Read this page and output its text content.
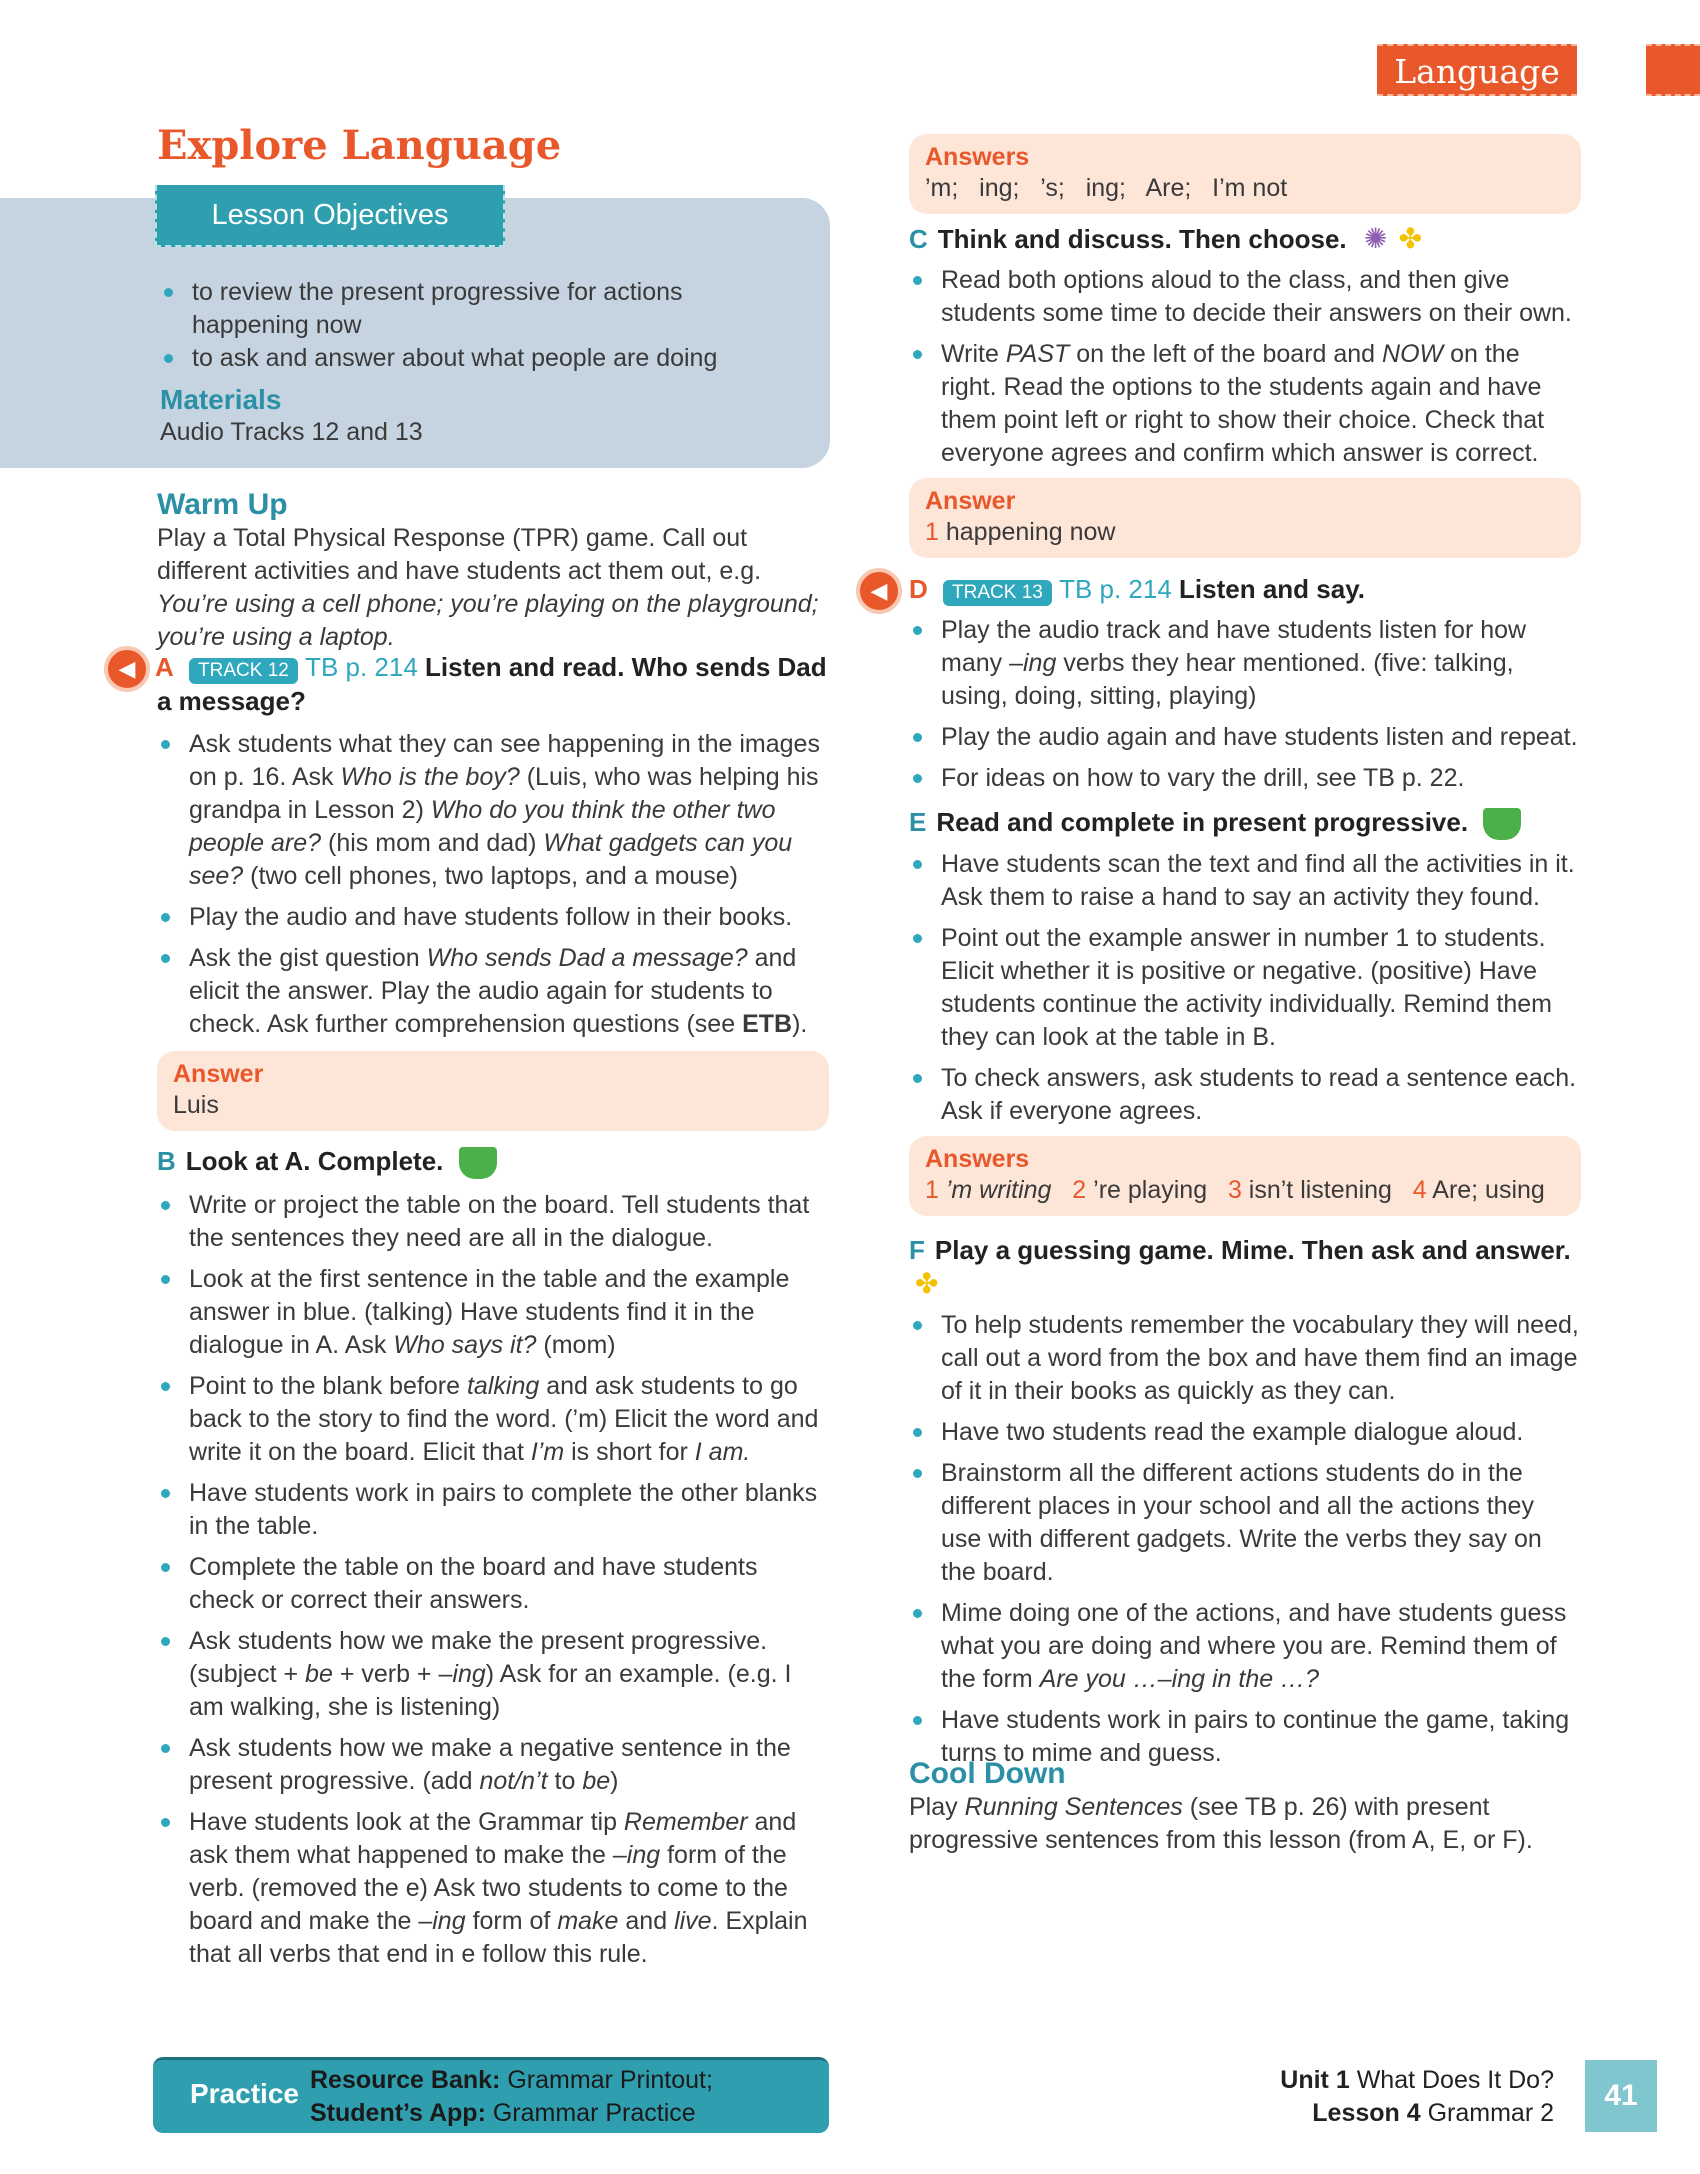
Language
Explore Language
Lesson Objectives
to review the present progressive for actions happening now
to ask and answer about what people are doing
Materials
Audio Tracks 12 and 13
Warm Up
Play a Total Physical Response (TPR) game. Call out different activities and have students act them out, e.g. You’re using a cell phone; you’re playing on the playground; you’re using a laptop.
◀ A TRACK 12 TB p. 214 Listen and read. Who sends Dad a message?
Ask students what they can see happening in the images on p. 16. Ask Who is the boy? (Luis, who was helping his grandpa in Lesson 2) Who do you think the other two people are? (his mom and dad) What gadgets can you see? (two cell phones, two laptops, and a mouse)
Play the audio and have students follow in their books.
Ask the gist question Who sends Dad a message? and elicit the answer. Play the audio again for students to check. Ask further comprehension questions (see ETB).
Answer
Luis
B Look at A. Complete.
Write or project the table on the board. Tell students that the sentences they need are all in the dialogue.
Look at the first sentence in the table and the example answer in blue. (talking) Have students find it in the dialogue in A. Ask Who says it? (mom)
Point to the blank before talking and ask students to go back to the story to find the word. (’m) Elicit the word and write it on the board. Elicit that I’m is short for I am.
Have students work in pairs to complete the other blanks in the table.
Complete the table on the board and have students check or correct their answers.
Ask students how we make the present progressive. (subject + be + verb + –ing) Ask for an example. (e.g. I am walking, she is listening)
Ask students how we make a negative sentence in the present progressive. (add not/n’t to be)
Have students look at the Grammar tip Remember and ask them what happened to make the –ing form of the verb. (removed the e) Ask two students to come to the board and make the –ing form of make and live. Explain that all verbs that end in e follow this rule.
Answers
’m;   ing;   ’s;   ing;   Are;   I’m not
C Think and discuss. Then choose. ✺ ✤
Read both options aloud to the class, and then give students some time to decide their answers on their own.
Write PAST on the left of the board and NOW on the right. Read the options to the students again and have them point left or right to show their choice. Check that everyone agrees and confirm which answer is correct.
Answer
1 happening now
◀ D TRACK 13 TB p. 214 Listen and say.
Play the audio track and have students listen for how many –ing verbs they hear mentioned. (five: talking, using, doing, sitting, playing)
Play the audio again and have students listen and repeat.
For ideas on how to vary the drill, see TB p. 22.
E Read and complete in present progressive.
Have students scan the text and find all the activities in it. Ask them to raise a hand to say an activity they found.
Point out the example answer in number 1 to students. Elicit whether it is positive or negative. (positive) Have students continue the activity individually. Remind them they can look at the table in B.
To check answers, ask students to read a sentence each. Ask if everyone agrees.
Answers
1 ’m writing 2 ’re playing 3 isn’t listening 4 Are; using
F Play a guessing game. Mime. Then ask and answer. ✤
To help students remember the vocabulary they will need, call out a word from the box and have them find an image of it in their books as quickly as they can.
Have two students read the example dialogue aloud.
Brainstorm all the different actions students do in the different places in your school and all the actions they use with different gadgets. Write the verbs they say on the board.
Mime doing one of the actions, and have students guess what you are doing and where you are. Remind them of the form Are you …–ing in the …?
Have students work in pairs to continue the game, taking turns to mime and guess.
Cool Down
Play Running Sentences (see TB p. 26) with present progressive sentences from this lesson (from A, E, or F).
Practice Resource Bank: Grammar Printout;
Student’s App: Grammar Practice
Unit 1 What Does It Do?
Lesson 4 Grammar 2
41
